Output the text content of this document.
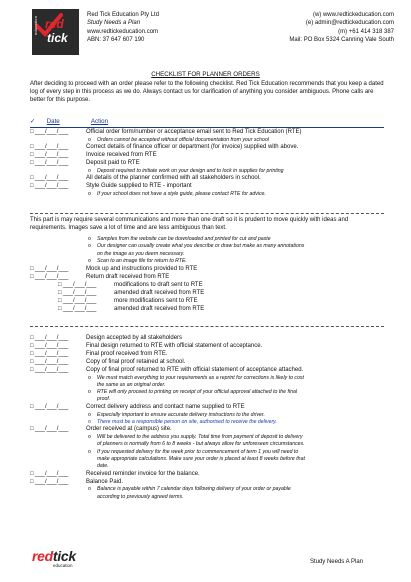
education red
tick
Red Tick Education Pty Ltd
Study Needs a Plan
www.redtickeducation.com
ABN: 37 647 607 190
(w) www.redtickeducation.com
(e) admin@redtickeducation.com
(m) +61 414 318 387
Mail: PO Box 5324 Canning Vale South
CHECKLIST FOR PLANNER ORDERS
After deciding to proceed with an order please refer to the following checklist. Red Tick Education recommends that you keep a dated log of every step in this process as we do. Always contact us for clarification of anything you consider ambiguous. Phone calls are better for this purpose.
✓ Date	Action
□___/___/___	Official order form/number or acceptance email sent to Red Tick Education (RTE)
o Orders cannot be accepted without official documentation from your school
□___/___/___	Correct details of finance officer or department (for invoice) supplied with above.
□___/___/___	Invoice received from RTE
□___/___/___	Deposit paid to RTE
o Deposit required to initiate work on your design and to lock in supplies for printing
□___/___/___	All details of the planner confirmed with all stakeholders in school.
□___/___/___	Style Guide supplied to RTE - important
o If your school does not have a style guide, please contact RTE for advice.
This part is may require several communications and more than one draft so it is prudent to move quickly with ideas and requirements. Images save a lot of time and are less ambiguous than text.
o Samples from the website can be downloaded and printed for cut and paste
o Our designer can usually create what you describe or draw but make as many annotations
on the image as you deem necessary.
o Scan to an image file for return to RTE.
□___/___/___	Mock up and instructions provided to RTE
□___/___/___	Return draft received from RTE
□___/___/___	modifications to draft sent to RTE
□___/___/___	amended draft received from RTE
□___/___/___	more modifications sent to RTE
□___/___/___	amended draft received from RTE
□___/___/___	Design accepted by all stakeholders
□___/___/___	Final design returned to RTE with official statement of acceptance.
□___/___/___	Final proof received from RTE.
□___/___/___	Copy of final proof retained at school.
□___/___/___	Copy of final proof returned to RTE with official statement of acceptance attached.
o We must match everything to your requirements as a reprint for corrections is likely to cost
the same as an original order.
o RTE will only proceed to printing on receipt of your official approval attached to the final
proof.
□___/___/___	Correct delivery address and contact name supplied to RTE
o Especially important to ensure accurate delivery instructions to the driver.
o There must be a responsible person on site, authorised to receive the delivery.
□___/___/___	Order received at (campus) site.
o Will be delivered to the address you supply. Total time from payment of deposit to delivery
of planners is normally from 6 to 8 weeks - but always allow for unforeseen circumstances.
o If you requested delivery for the week prior to commencement of term 1 you will need to
make appropriate calculations. Make sure your order is placed at least 8 weeks before that
date.
□___/___/___	Received reminder invoice for the balance.
□___/___/___	Balance Paid.
o Balance is payable within 7 calendar days following delivery of your order or payable
according to previously agreed terms.
redtick
education
Study Needs A Plan
